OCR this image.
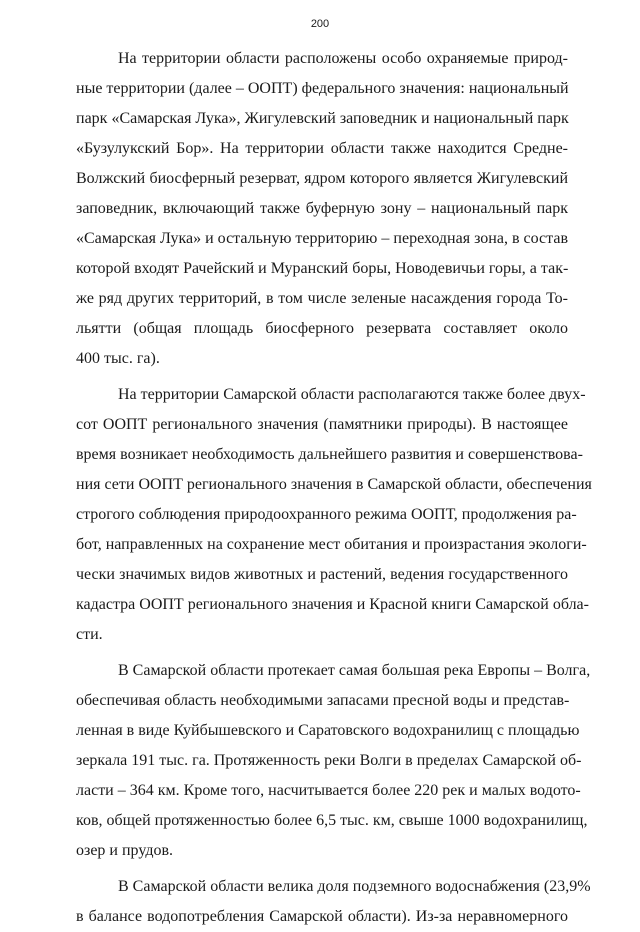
200
На территории области расположены особо охраняемые природ-
ные территории (далее – ООПТ) федерального значения: национальный
парк «Самарская Лука», Жигулевский заповедник и национальный парк
«Бузулукский Бор». На территории области также находится Средне-
Волжский биосферный резерват, ядром которого является Жигулевский
заповедник, включающий также буферную зону – национальный парк
«Самарская Лука» и остальную территорию – переходная зона, в состав
которой входят Рачейский и Муранский боры, Новодевичьи горы, а так-
же ряд других территорий, в том числе зеленые насаждения города То-
льятти (общая площадь биосферного резервата составляет около
400 тыс. га).
На территории Самарской области располагаются также более двух-
сот ООПТ регионального значения (памятники природы). В настоящее
время возникает необходимость дальнейшего развития и совершенствова-
ния сети ООПТ регионального значения в Самарской области, обеспечения
строгого соблюдения природоохранного режима ООПТ, продолжения ра-
бот, направленных на сохранение мест обитания и произрастания экологи-
чески значимых видов животных и растений, ведения государственного
кадастра ООПТ регионального значения и Красной книги Самарской обла-
сти.
В Самарской области протекает самая большая река Европы – Волга,
обеспечивая область необходимыми запасами пресной воды и представ-
ленная в виде Куйбышевского и Саратовского водохранилищ с площадью
зеркала 191 тыс. га. Протяженность реки Волги в пределах Самарской об-
ласти – 364 км. Кроме того, насчитывается более 220 рек и малых водото-
ков, общей протяженностью более 6,5 тыс. км, свыше 1000 водохранилищ,
озер и прудов.
В Самарской области велика доля подземного водоснабжения (23,9%
в балансе водопотребления Самарской области). Из-за неравномерного
